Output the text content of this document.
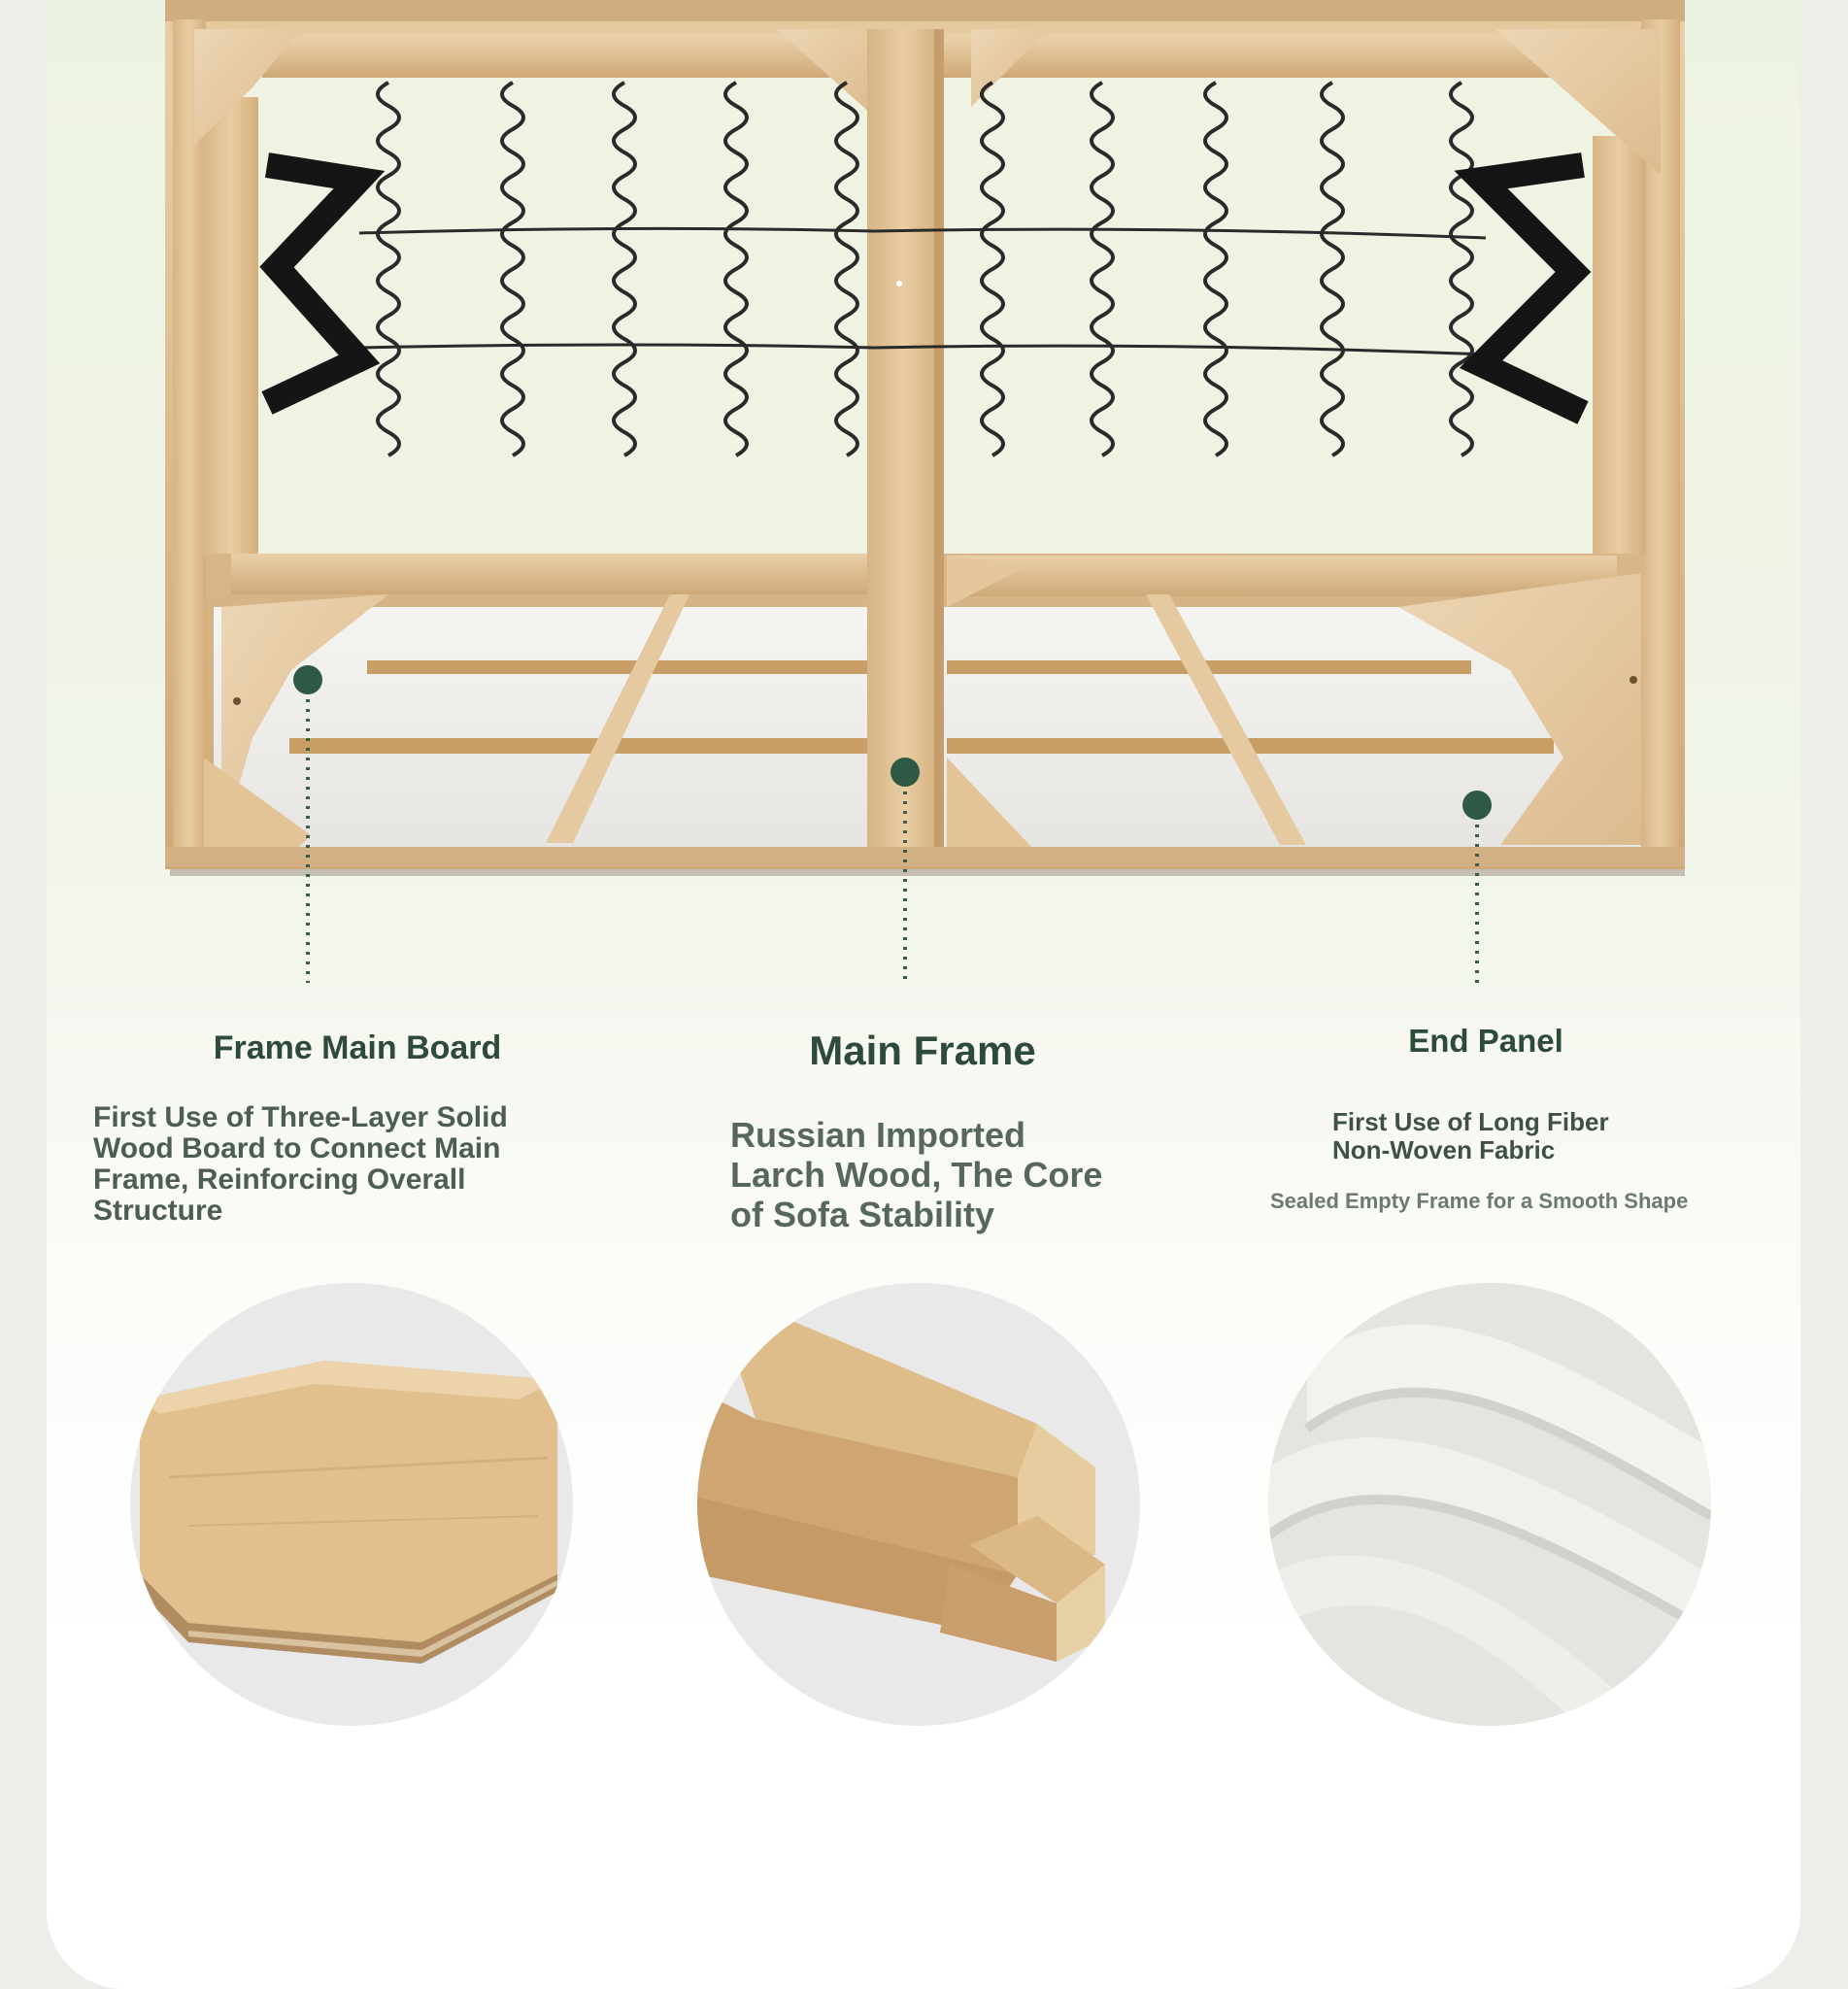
Frame Main Board
First Use of Three-Layer Solid
Wood Board to Connect Main
Frame, Reinforcing Overall
Structure
Main Frame
Russian Imported
Larch Wood, The Core
of Sofa Stability
End Panel
First Use of Long Fiber
Non-Woven Fabric
Sealed Empty Frame for a Smooth Shape
